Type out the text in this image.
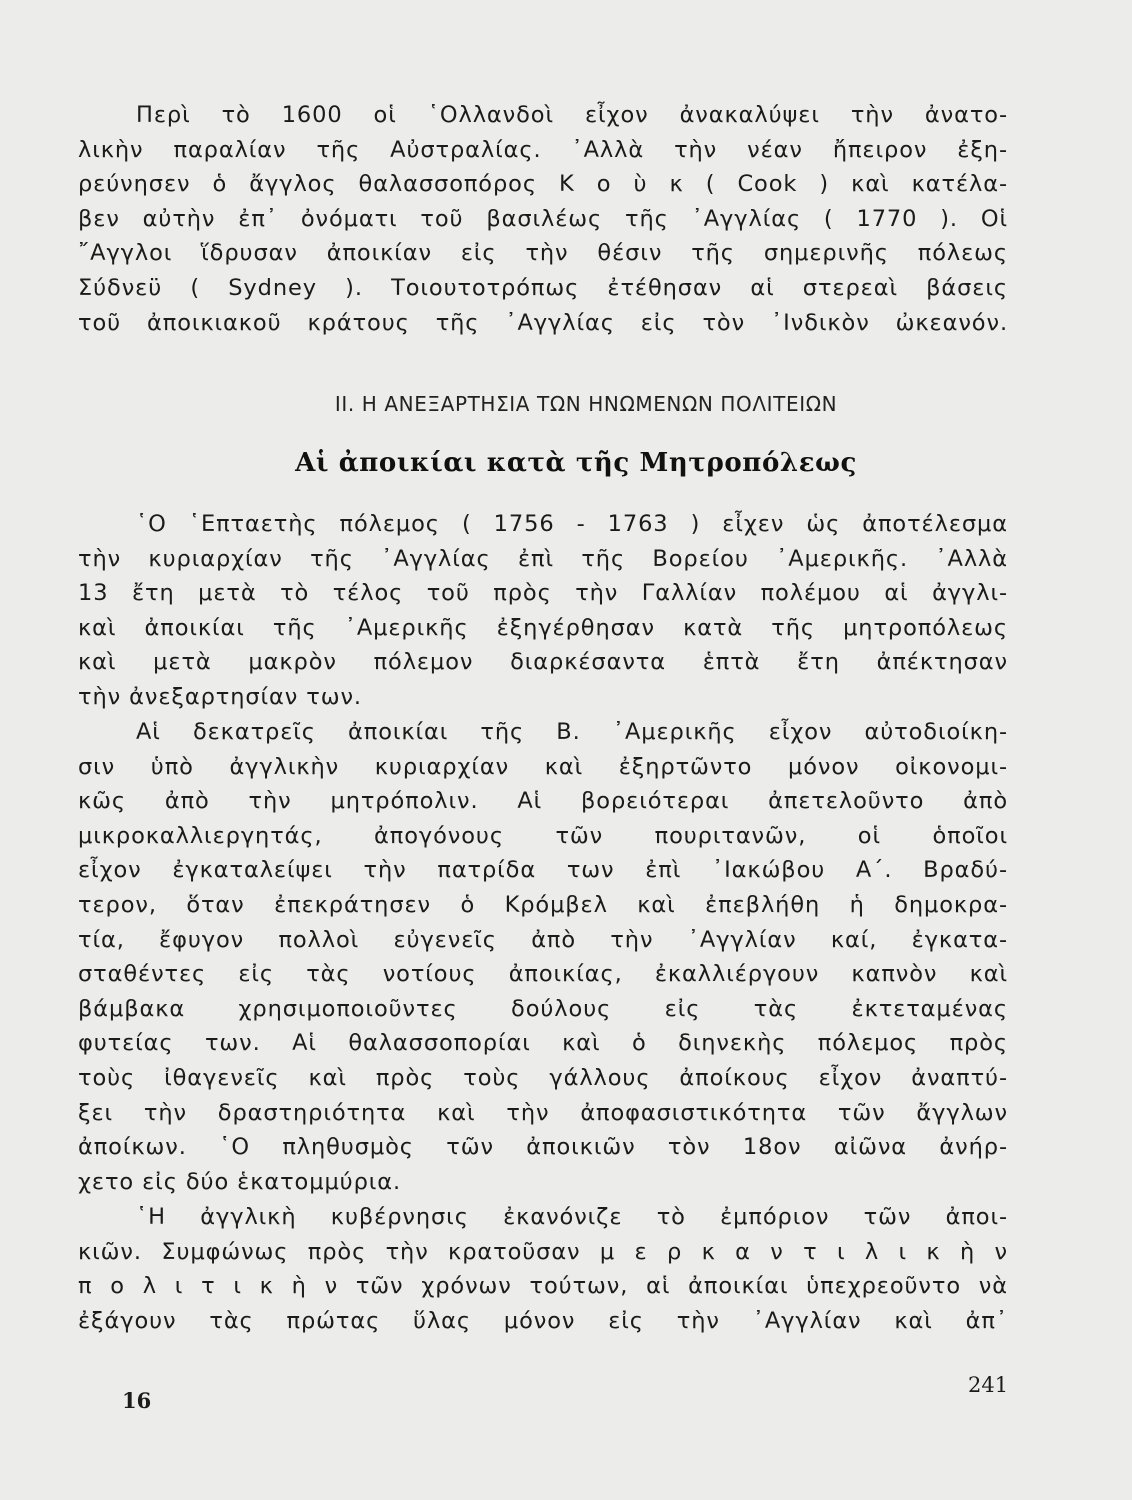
Περὶ τὸ 1600 οἱ ῾Ολλανδοὶ εἶχον ἀνακαλύψει τὴν ἀνατο-
λικὴν παραλίαν τῆς Αὐστραλίας. ᾿Αλλὰ τὴν νέαν ἤπειρον ἐξη-
ρεύνησεν ὁ ἄγγλος θαλασσοπόρος Κ ο ὺ κ ( Cook ) καὶ κατέλα-
βεν αὐτὴν ἐπ᾿ ὀνόματι τοῦ βασιλέως τῆς ᾿Αγγλίας ( 1770 ). Οἱ
῎Αγγλοι ἵδρυσαν ἀποικίαν εἰς τὴν θέσιν τῆς σημερινῆς πόλεως
Σύδνεϋ ( Sydney ). Τοιουτοτρόπως ἐτέθησαν αἱ στερεαὶ βάσεις
τοῦ ἀποικιακοῦ κράτους τῆς ᾿Αγγλίας εἰς τὸν ᾿Ινδικὸν ὠκεανόν.
ΙΙ. Η ΑΝΕΞΑΡΤΗΣΙΑ ΤΩΝ ΗΝΩΜΕΝΩΝ ΠΟΛΙΤΕΙΩΝ
Αἱ ἀποικίαι κατὰ τῆς Μητροπόλεως
῾Ο ῾Επταετὴς πόλεμος ( 1756 - 1763 ) εἶχεν ὡς ἀποτέλεσμα
τὴν κυριαρχίαν τῆς ᾿Αγγλίας ἐπὶ τῆς Βορείου ᾿Αμερικῆς. ᾿Αλλὰ
13 ἔτη μετὰ τὸ τέλος τοῦ πρὸς τὴν Γαλλίαν πολέμου αἱ ἀγγλι-
καὶ ἀποικίαι τῆς ᾿Αμερικῆς ἐξηγέρθησαν κατὰ τῆς μητροπόλεως
καὶ μετὰ μακρὸν πόλεμον διαρκέσαντα ἑπτὰ ἔτη ἀπέκτησαν
τὴν ἀνεξαρτησίαν των.
Αἱ δεκατρεῖς ἀποικίαι τῆς Β. ᾿Αμερικῆς εἶχον αὐτοδιοίκη-
σιν ὑπὸ ἀγγλικὴν κυριαρχίαν καὶ ἐξηρτῶντο μόνον οἰκονομι-
κῶς ἀπὸ τὴν μητρόπολιν. Αἱ βορειότεραι ἀπετελοῦντο ἀπὸ
μικροκαλλιεργητάς, ἀπογόνους τῶν πουριτανῶν, οἱ ὁποῖοι
εἶχον ἐγκαταλείψει τὴν πατρίδα των ἐπὶ ᾿Ιακώβου Α΄. Βραδύ-
τερον, ὅταν ἐπεκράτησεν ὁ Κρόμβελ καὶ ἐπεβλήθη ἡ δημοκρα-
τία, ἔφυγον πολλοὶ εὐγενεῖς ἀπὸ τὴν ᾿Αγγλίαν καί, ἐγκατα-
σταθέντες εἰς τὰς νοτίους ἀποικίας, ἐκαλλιέργουν καπνὸν καὶ
βάμβακα χρησιμοποιοῦντες δούλους εἰς τὰς ἐκτεταμένας
φυτείας των. Αἱ θαλασσοπορίαι καὶ ὁ διηνεκὴς πόλεμος πρὸς
τοὺς ἰθαγενεῖς καὶ πρὸς τοὺς γάλλους ἀποίκους εἶχον ἀναπτύ-
ξει τὴν δραστηριότητα καὶ τὴν ἀποφασιστικότητα τῶν ἄγγλων
ἀποίκων. ῾Ο πληθυσμὸς τῶν ἀποικιῶν τὸν 18ον αἰῶνα ἀνήρ-
χετο εἰς δύο ἑκατομμύρια.
῾Η ἀγγλικὴ κυβέρνησις ἐκανόνιζε τὸ ἐμπόριον τῶν ἀποι-
κιῶν. Συμφώνως πρὸς τὴν κρατοῦσαν μ ε ρ κ α ν τ ι λ ι κ ὴ ν
π ο λ ι τ ι κ ὴ ν τῶν χρόνων τούτων, αἱ ἀποικίαι ὑπεχρεοῦντο νὰ
ἐξάγουν τὰς πρώτας ὕλας μόνον εἰς τὴν ᾿Αγγλίαν καὶ ἀπ᾿
16
241
